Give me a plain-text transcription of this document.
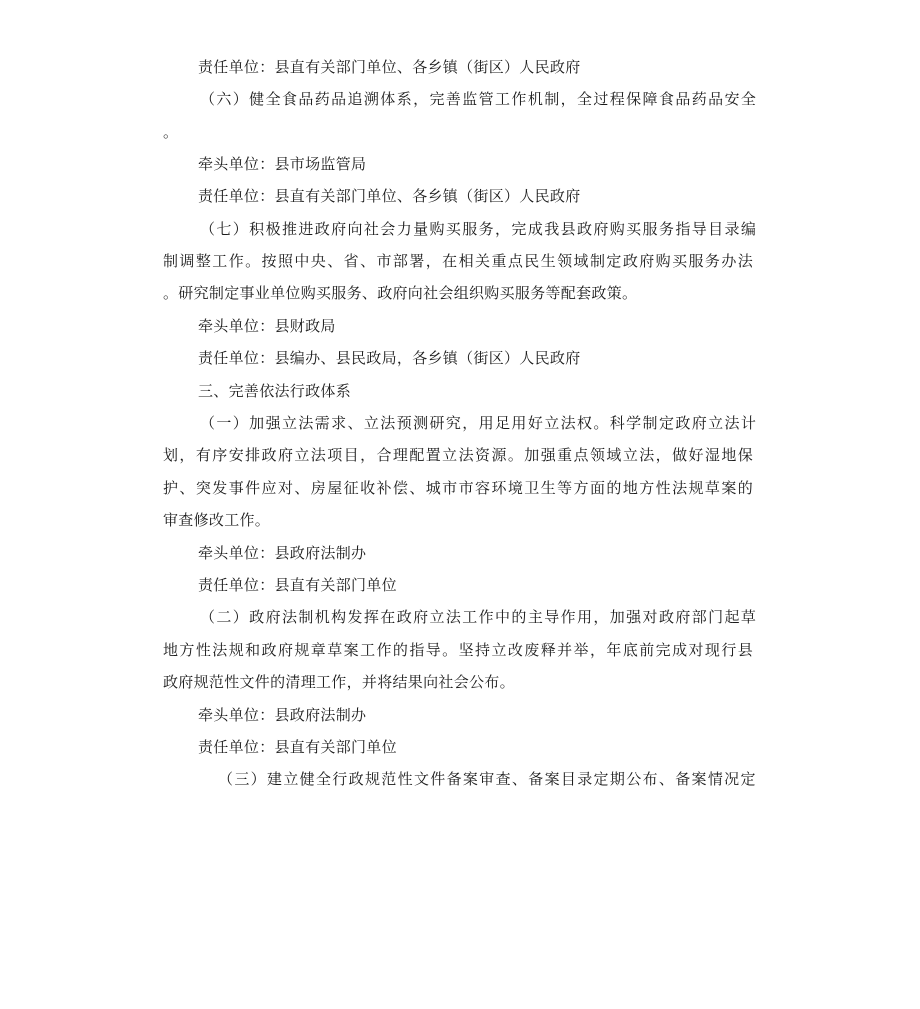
责任单位：县直有关部门单位、各乡镇（街区）人民政府

（ 六 ） 健 全 食 品 药 品 追 溯 体 系 ， 完 善 监 管 工 作 机 制 ， 全 过 程 保 障 食 品 药 品 安 全

。

牵头单位：县市场监管局

责任单位：县直有关部门单位、各乡镇（街区）人民政府

（ 七 ） 积 极 推 进 政 府 向 社 会 力 量 购 买 服 务 ， 完 成 我 县 政 府 购 买 服 务 指 导 目 录 编

制 调 整 工 作 。 按 照 中 央 、 省 、 市 部 署 ， 在 相 关 重 点 民 生 领 域 制 定 政 府 购 买 服 务 办 法

。研究制定事业单位购买服务、政府向社会组织购买服务等配套政策。

牵头单位：县财政局

责任单位：县编办、县民政局，各乡镇（街区）人民政府

三、完善依法行政体系

（ 一 ） 加 强 立 法 需 求 、 立 法 预 测 研 究 ， 用 足 用 好 立 法 权 。 科 学 制 定 政 府 立 法 计

划 ， 有 序 安 排 政 府 立 法 项 目 ， 合 理 配 置 立 法 资 源 。 加 强 重 点 领 域 立 法 ， 做 好 湿 地 保

护 、 突 发 事 件 应 对 、 房 屋 征 收 补 偿 、 城 市 市 容 环 境 卫 生 等 方 面 的 地 方 性 法 规 草 案 的

审查修改工作。

牵头单位：县政府法制办

责任单位：县直有关部门单位

（ 二 ） 政 府 法 制 机 构 发 挥 在 政 府 立 法 工 作 中 的 主 导 作 用 ， 加 强 对 政 府 部 门 起 草

地 方 性 法 规 和 政 府 规 章 草 案 工 作 的 指 导 。 坚 持 立 改 废 释 并 举 ， 年 底 前 完 成 对 现 行 县

政府规范性文件的清理工作，并将结果向社会公布。

牵头单位：县政府法制办

责任单位：县直有关部门单位

（ 三 ） 建 立 健 全 行 政 规 范 性 文 件 备 案 审 查 、 备 案 目 录 定 期 公 布 、 备 案 情 况 定
